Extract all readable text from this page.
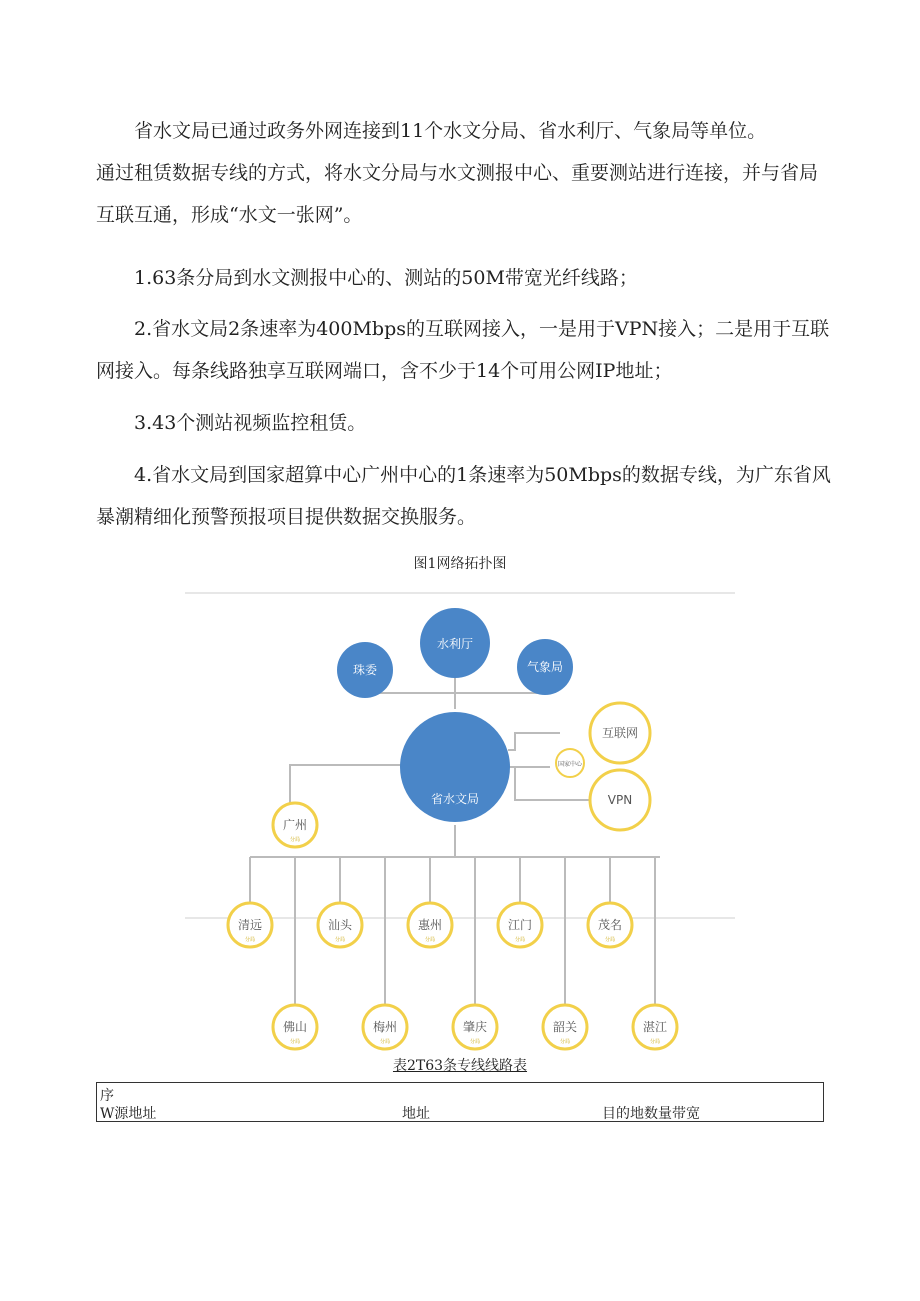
省水文局已通过政务外网连接到11个水文分局、省水利厅、气象局等单位。

通过租赁数据专线的方式，将水文分局与水文测报中心、重要测站进行连接，并与省局互联互通，形成“水文一张网”。

1.63条分局到水文测报中心的、测站的50M带宽光纤线路；

2.省水文局2条速率为400Mbps的互联网接入，一是用于VPN接入；二是用于互联网接入。每条线路独享互联网端口，含不少于14个可用公网IP地址；

3.43个测站视频监控租赁。

4.省水文局到国家超算中心广州中心的1条速率为50Mbps的数据专线，为广东省风暴潮精细化预警预报项目提供数据交换服务。

图1网络拓扑图
珠委
水利厅
气象局
省水文局
国家中心
互联网
VPN
广州
分局
清远
分局
汕头
分局
惠州
分局
江门
分局
茂名
分局
佛山
分局
梅州
分局
肇庆
分局
韶关
分局
湛江
分局
表2T63条专线线路表
序
W源地址	地址	目的地数量带宽
